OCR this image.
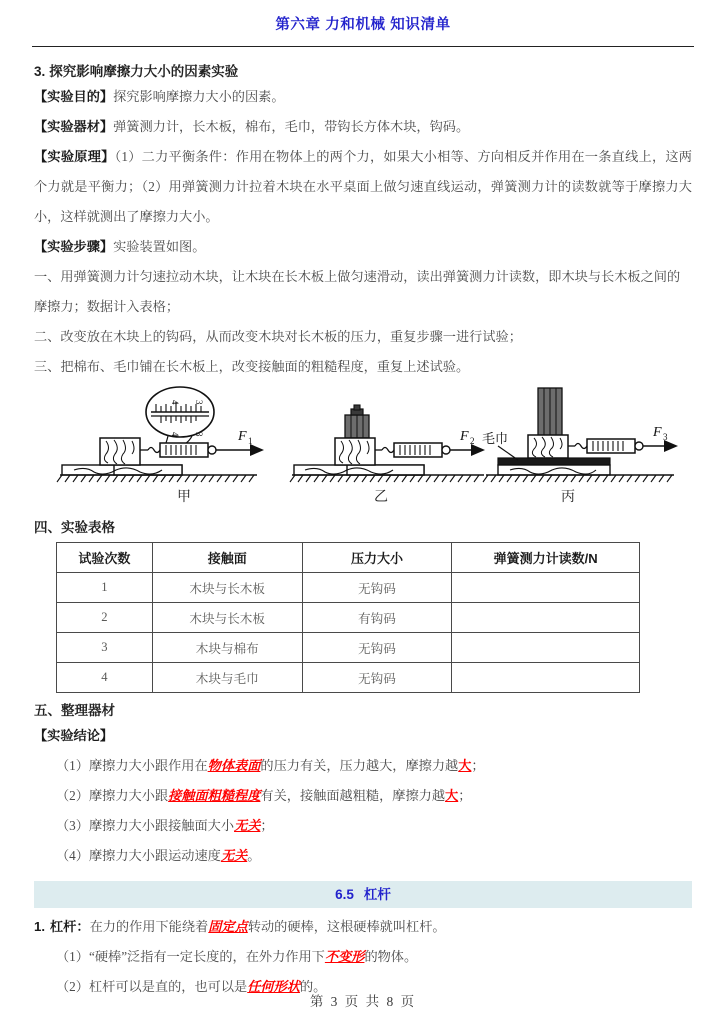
第六章 力和机械 知识清单
3. 探究影响摩擦力大小的因素实验

【实验目的】探究影响摩擦力大小的因素。

【实验器材】弹簧测力计，长木板，棉布，毛巾，带钩长方体木块，钩码。

【实验原理】（1）二力平衡条件：作用在物体上的两个力，如果大小相等、方向相反并作用在一条直线上，这两个力就是平衡力；（2）用弹簧测力计拉着木块在水平桌面上做匀速直线运动，弹簧测力计的读数就等于摩擦力大小，这样就测出了摩擦力大小。

【实验步骤】实验装置如图。

一、用弹簧测力计匀速拉动木块，让木块在长木板上做匀速滑动，读出弹簧测力计读数，即木块与长木板之间的摩擦力；数据计入表格；

二、改变放在木块上的钩码，从而改变木块对长木板的压力，重复步骤一进行试验；

三、把棉布、毛巾铺在长木板上，改变接触面的粗糙程度，重复上述试验。

4 3
4 3 F 1
甲
F 2
乙
毛巾	F 3
丙
四、实验表格
试验次数	接触面	压力大小	弹簧测力计读数/N
1	木块与长木板	无钩码	
2	木块与长木板	有钩码	
3	木块与棉布	无钩码	
4	木块与毛巾	无钩码	
五、整理器材

【实验结论】

（1）摩擦力大小跟作用在物体表面的压力有关，压力越大，摩擦力越大；

（2）摩擦力大小跟接触面粗糙程度有关，接触面越粗糙，摩擦力越大；

（3）摩擦力大小跟接触面大小无关；

（4）摩擦力大小跟运动速度无关。

6.5 杠杆

1. 杠杆：在力的作用下能绕着固定点转动的硬棒，这根硬棒就叫杠杆。

（1）“硬棒”泛指有一定长度的，在外力作用下不变形的物体。

（2）杠杆可以是直的，也可以是任何形状的。

第 3 页 共 8 页
